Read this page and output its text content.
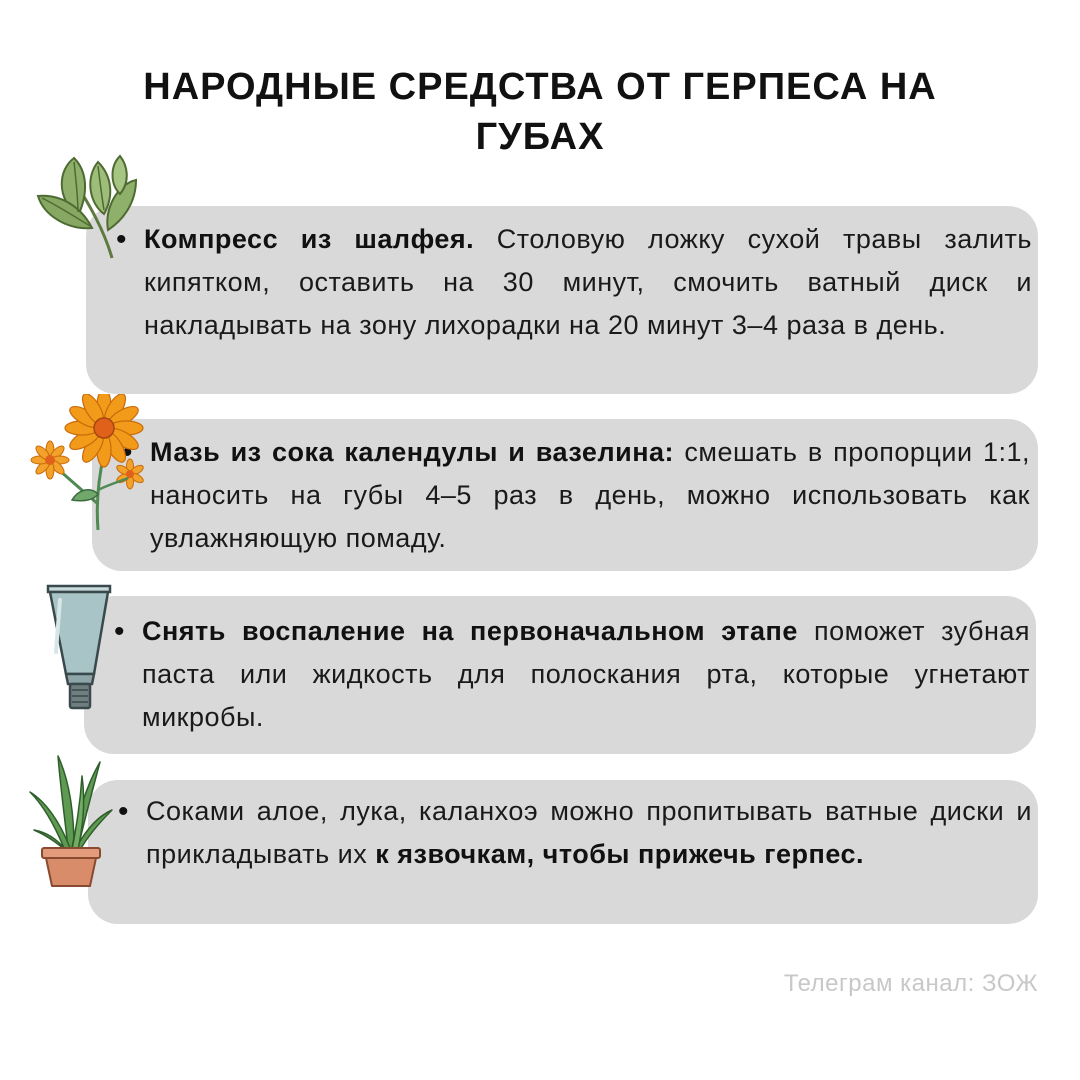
НАРОДНЫЕ СРЕДСТВА ОТ ГЕРПЕСА НА
ГУБАХ
• Компресс из шалфея. Столовую ложку сухой травы залить кипятком, оставить на 30 минут, смочить ватный диск и накладывать на зону лихорадки на 20 минут 3–4 раза в день.
• Мазь из сока календулы и вазелина: смешать в пропорции 1:1, наносить на губы 4–5 раз в день, можно использовать как увлажняющую помаду.
• Снять воспаление на первоначальном этапе поможет зубная паста или жидкость для полоскания рта, которые угнетают микробы.
• Соками алое, лука, каланхоэ можно пропитывать ватные диски и прикладывать их к язвочкам, чтобы прижечь герпес.
Телеграм канал: ЗОЖ
